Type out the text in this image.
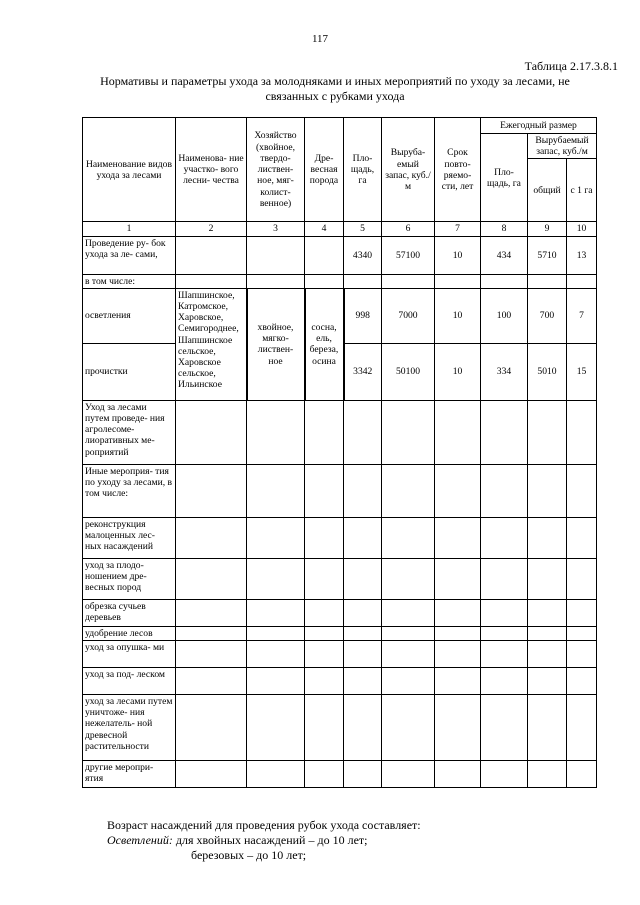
117
Таблица 2.17.3.8.1
Нормативы и параметры ухода за молодняками и иных мероприятий по уходу за лесами, не связанных с рубками ухода
Наименование видов ухода за лесами	Наименова- ние участко- вого лесни- чества	Хозяйство (хвойное, твердо- листвен- ное, мяг- колист- венное)	Дре- весная порода	Пло- щадь, га	Вырубa- емый запас, куб./м	Срок повто- ряемо- сти, лет	Ежегодный размер		
							Пло- щадь, га	Вырубаемый запас, куб./м	
								общий	с 1 га
1	2	3	4	5	6	7	8	9	10
Проведение ру- бок ухода за ле- сами,				4340	57100	10	434	5710	13
в том числе:									
осветления	Шапшинское, Катромское, Харовское, Семигороднее, Шапшинское сельское, Харовское сельское, Ильинское	хвойное, мягко- листвен- ное	сосна, ель, береза, осина	998	7000	10	100	700	7
прочистки				3342	50100	10	334	5010	15
Уход за лесами путем проведе- ния агролесоме- лиоративных ме- роприятий									
Иные мероприя- тия по уходу за лесами, в том числе:									
реконструкция малоценных лес- ных насаждений									
уход за плодо- ношением дре- весных пород									
обрезка сучьев деревьев									
удобрение лесов									
уход за опушка- ми									
уход за под- леском									
уход за лесами путем уничтоже- ния нежелатель- ной древесной растительности									
другие меропри- ятия									
Возраст насаждений для проведения рубок ухода составляет:
Осветлений: для хвойных насаждений – до 10 лет;
березовых – до 10 лет;
